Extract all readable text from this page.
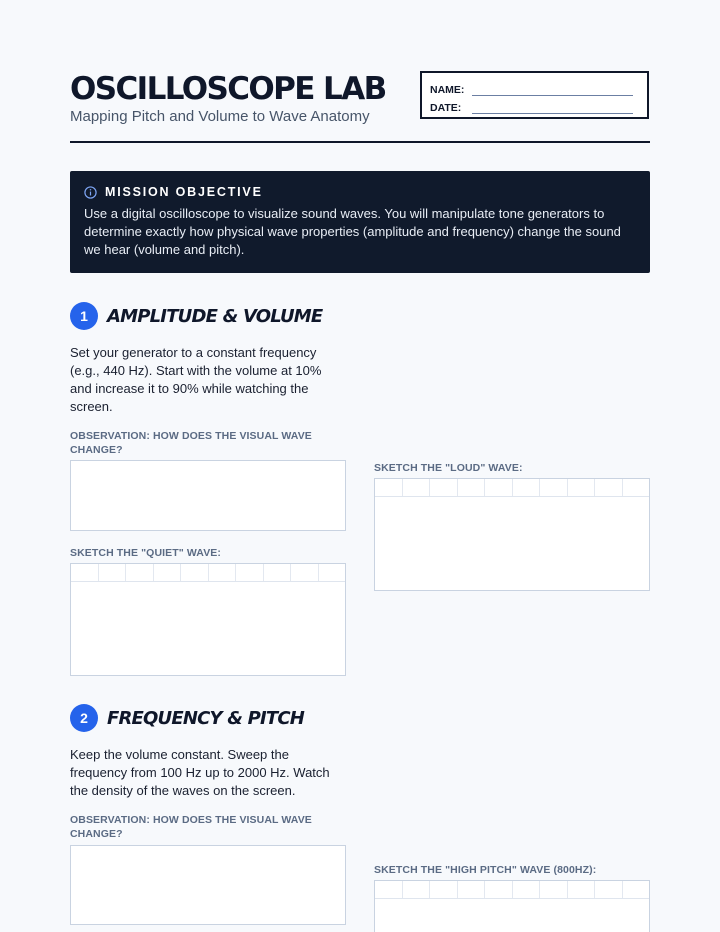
OSCILLOSCOPE LAB
Mapping Pitch and Volume to Wave Anatomy
NAME:
DATE:
MISSION OBJECTIVE
Use a digital oscilloscope to visualize sound waves. You will manipulate tone generators to determine exactly how physical wave properties (amplitude and frequency) change the sound we hear (volume and pitch).
1	AMPLITUDE & VOLUME
Set your generator to a constant frequency (e.g., 440 Hz). Start with the volume at 10% and increase it to 90% while watching the screen.
OBSERVATION: HOW DOES THE VISUAL WAVE CHANGE?
SKETCH THE "QUIET" WAVE:
SKETCH THE "LOUD" WAVE:
2	FREQUENCY & PITCH
Keep the volume constant. Sweep the frequency from 100 Hz up to 2000 Hz. Watch the density of the waves on the screen.
OBSERVATION: HOW DOES THE VISUAL WAVE CHANGE?
SKETCH THE "HIGH PITCH" WAVE (800HZ):
